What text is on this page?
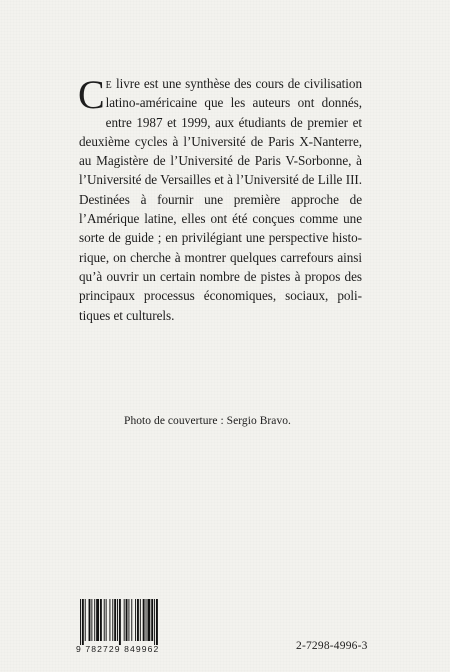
C E livre est une synthèse des cours de civilisation
latino-américaine que les auteurs ont donnés,
entre 1987 et 1999, aux étudiants de premier et
deuxième cycles à l’Université de Paris X-Nanterre,
au Magistère de l’Université de Paris V-Sorbonne, à
l’Université de Versailles et à l’Université de Lille III.
Destinées à fournir une première approche de
l’Amérique latine, elles ont été conçues comme une
sorte de guide ; en privilégiant une perspective histo-
rique, on cherche à montrer quelques carrefours ainsi
qu’à ouvrir un certain nombre de pistes à propos des
principaux processus économiques, sociaux, poli-
tiques et culturels.
Photo de couverture : Sergio Bravo.
9 782729 849962	2-7298-4996-3
